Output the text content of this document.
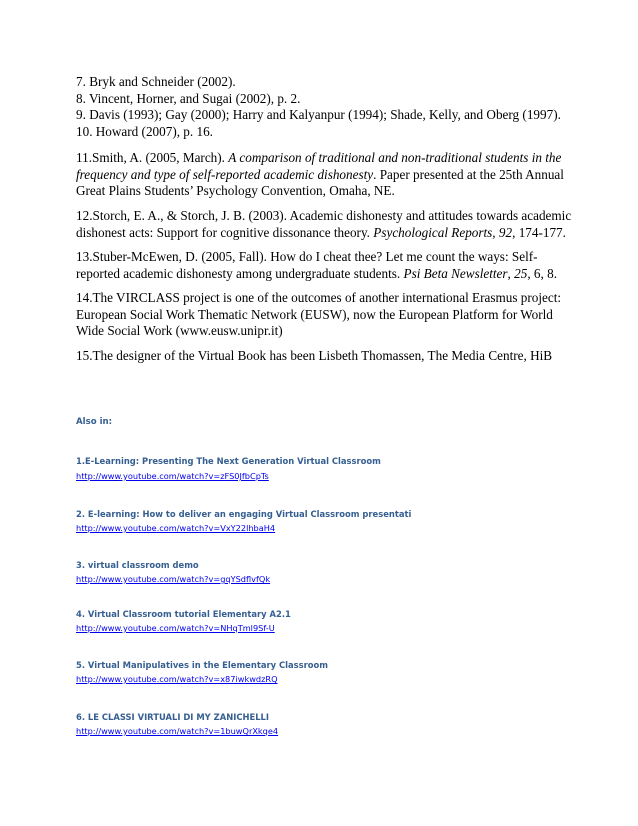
7. Bryk and Schneider (2002).

8. Vincent, Horner, and Sugai (2002), p. 2.

9. Davis (1993); Gay (2000); Harry and Kalyanpur (1994); Shade, Kelly, and Oberg (1997).

10. Howard (2007), p. 16.

11.Smith, A. (2005, March). A comparison of traditional and non-traditional students in the frequency and type of self-reported academic dishonesty. Paper presented at the 25th Annual Great Plains Students’ Psychology Convention, Omaha, NE.

12.Storch, E. A., & Storch, J. B. (2003). Academic dishonesty and attitudes towards academic dishonest acts: Support for cognitive dissonance theory. Psychological Reports, 92, 174-177.

13.Stuber-McEwen, D. (2005, Fall). How do I cheat thee? Let me count the ways: Self-reported academic dishonesty among undergraduate students. Psi Beta Newsletter, 25, 6, 8.

14.The VIRCLASS project is one of the outcomes of another international Erasmus project: European Social Work Thematic Network (EUSW), now the European Platform for World Wide Social Work (www.eusw.unipr.it)

15.The designer of the Virtual Book has been Lisbeth Thomassen, The Media Centre, HiB

Also in:

1.E-Learning: Presenting The Next Generation Virtual Classroom

http://www.youtube.com/watch?v=zFS0JfbCpTs

2. E-learning: How to deliver an engaging Virtual Classroom presentati

http://www.youtube.com/watch?v=VxY22lhbaH4

3. virtual classroom demo

http://www.youtube.com/watch?v=gqYSdflvfQk

4. Virtual Classroom tutorial Elementary A2.1

http://www.youtube.com/watch?v=NHqTml9Sf-U

5. Virtual Manipulatives in the Elementary Classroom

http://www.youtube.com/watch?v=x87iwkwdzRQ

6. LE CLASSI VIRTUALI DI MY ZANICHELLI

http://www.youtube.com/watch?v=1buwQrXkqe4
